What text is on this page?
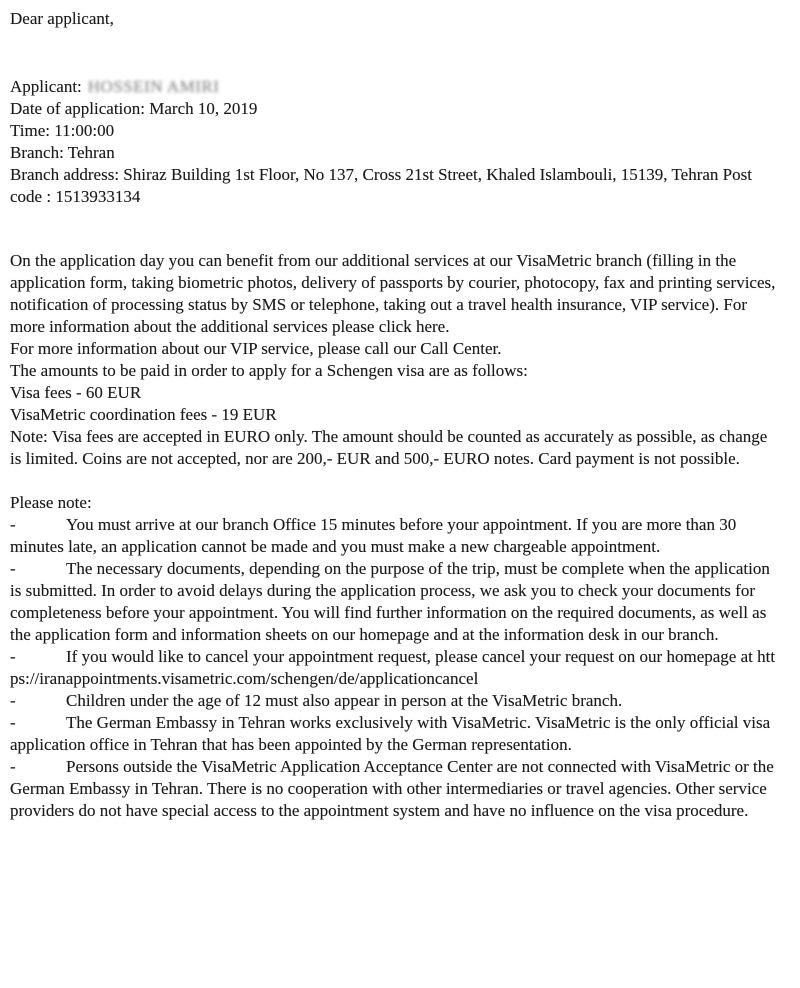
Dear applicant,

Applicant: HOSSEIN AMIRI

Date of application: March 10, 2019

Time: 11:00:00

Branch: Tehran

Branch address: Shiraz Building 1st Floor, No 137, Cross 21st Street, Khaled Islambouli, 15139, Tehran Post code : 1513933134

On the application day you can benefit from our additional services at our VisaMetric branch (filling in the application form, taking biometric photos, delivery of passports by courier, photocopy, fax and printing services, notification of processing status by SMS or telephone, taking out a travel health insurance, VIP service). For more information about the additional services please click here.

For more information about our VIP service, please call our Call Center.

The amounts to be paid in order to apply for a Schengen visa are as follows:

Visa fees - 60 EUR

VisaMetric coordination fees - 19 EUR

Note: Visa fees are accepted in EURO only. The amount should be counted as accurately as possible, as change is limited. Coins are not accepted, nor are 200,- EUR and 500,- EURO notes. Card payment is not possible.

Please note:

-	You must arrive at our branch Office 15 minutes before your appointment. If you are more than 30 minutes late, an application cannot be made and you must make a new chargeable appointment.

-	The necessary documents, depending on the purpose of the trip, must be complete when the application is submitted. In order to avoid delays during the application process, we ask you to check your documents for completeness before your appointment. You will find further information on the required documents, as well as the application form and information sheets on our homepage and at the information desk in our branch.

-	If you would like to cancel your appointment request, please cancel your request on our homepage at https://iranappointments.visametric.com/schengen/de/applicationcancel

-	Children under the age of 12 must also appear in person at the VisaMetric branch.

-	The German Embassy in Tehran works exclusively with VisaMetric. VisaMetric is the only official visa application office in Tehran that has been appointed by the German representation.

-	Persons outside the VisaMetric Application Acceptance Center are not connected with VisaMetric or the German Embassy in Tehran. There is no cooperation with other intermediaries or travel agencies. Other service providers do not have special access to the appointment system and have no influence on the visa procedure.
